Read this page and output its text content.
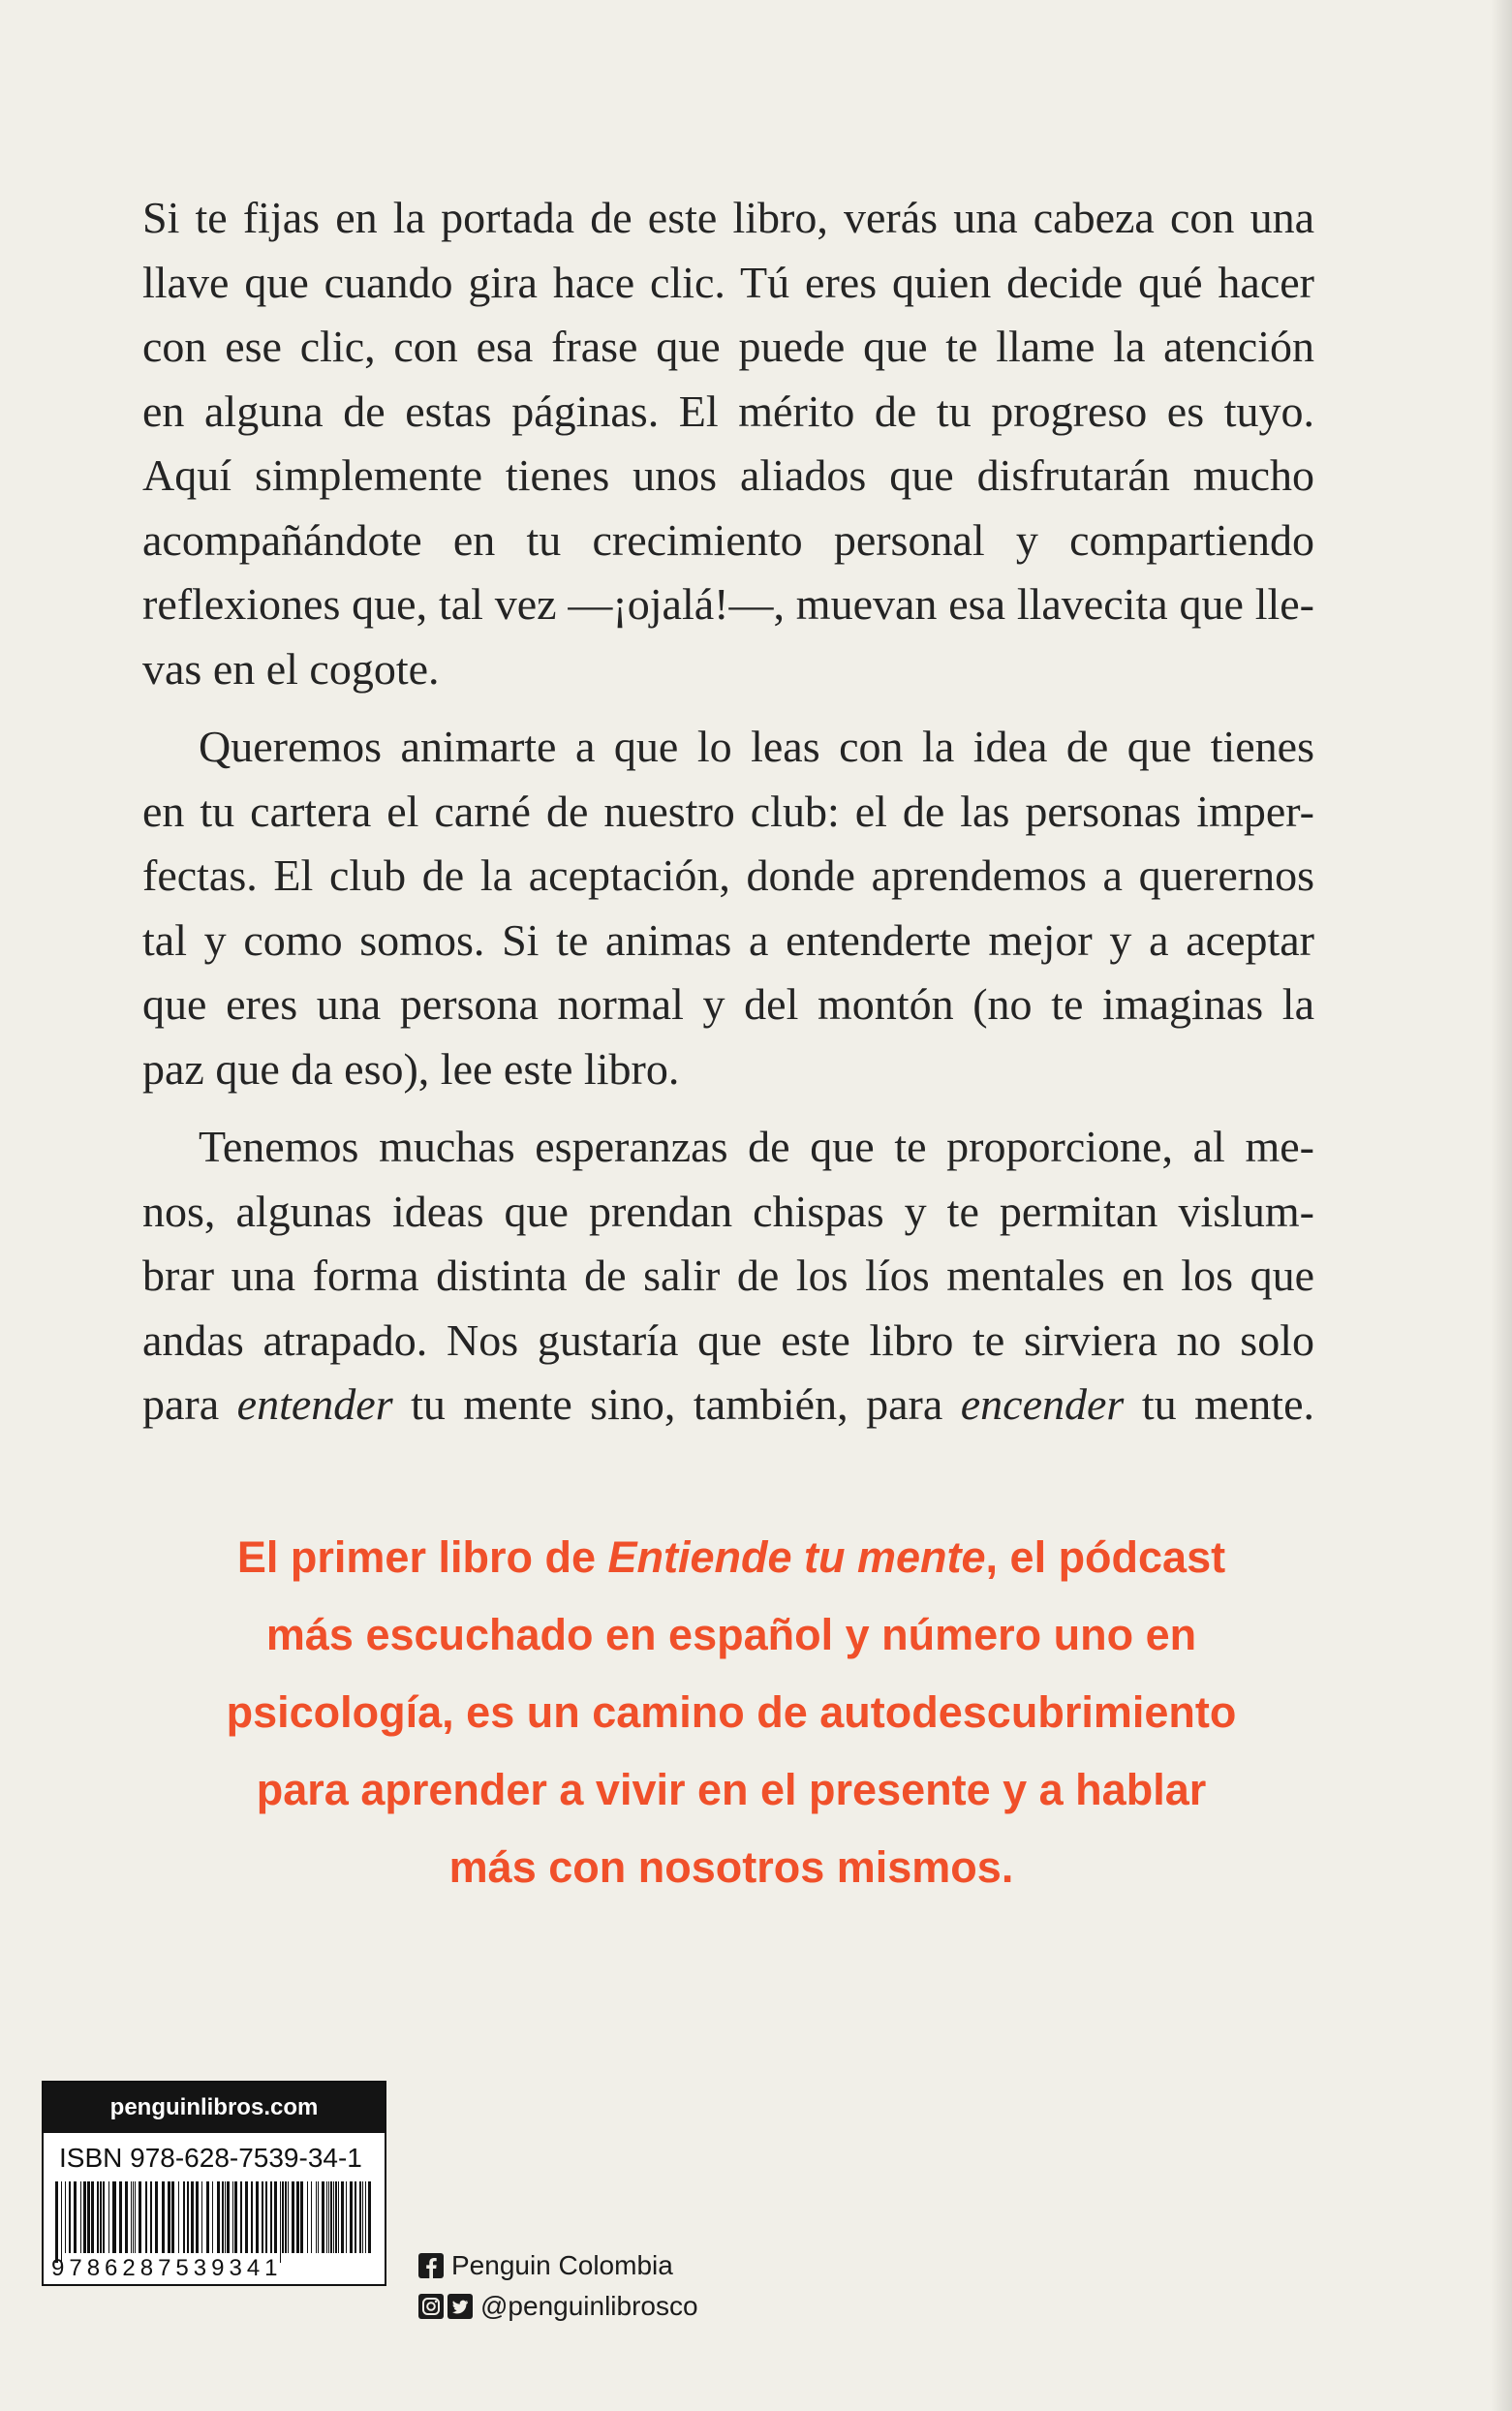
Si te fijas en la portada de este libro, verás una cabeza con una
llave que cuando gira hace clic. Tú eres quien decide qué hacer
con ese clic, con esa frase que puede que te llame la atención
en alguna de estas páginas. El mérito de tu progreso es tuyo.
Aquí simplemente tienes unos aliados que disfrutarán mucho
acompañándote en tu crecimiento personal y compartiendo
reflexiones que, tal vez —¡ojalá!—, muevan esa llavecita que lle-
vas en el cogote.

Queremos animarte a que lo leas con la idea de que tienes
en tu cartera el carné de nuestro club: el de las personas imper-
fectas. El club de la aceptación, donde aprendemos a querernos
tal y como somos. Si te animas a entenderte mejor y a aceptar
que eres una persona normal y del montón (no te imaginas la
paz que da eso), lee este libro.

Tenemos muchas esperanzas de que te proporcione, al me-
nos, algunas ideas que prendan chispas y te permitan vislum-
brar una forma distinta de salir de los líos mentales en los que
andas atrapado. Nos gustaría que este libro te sirviera no solo
para entender tu mente sino, también, para encender tu mente.

El primer libro de Entiende tu mente, el pódcast
más escuchado en español y número uno en
psicología, es un camino de autodescubrimiento
para aprender a vivir en el presente y a hablar
más con nosotros mismos.
penguinlibros.com
ISBN 978-628-7539-34-1
9786287539341	Penguin Colombia
@penguinlibrosco
